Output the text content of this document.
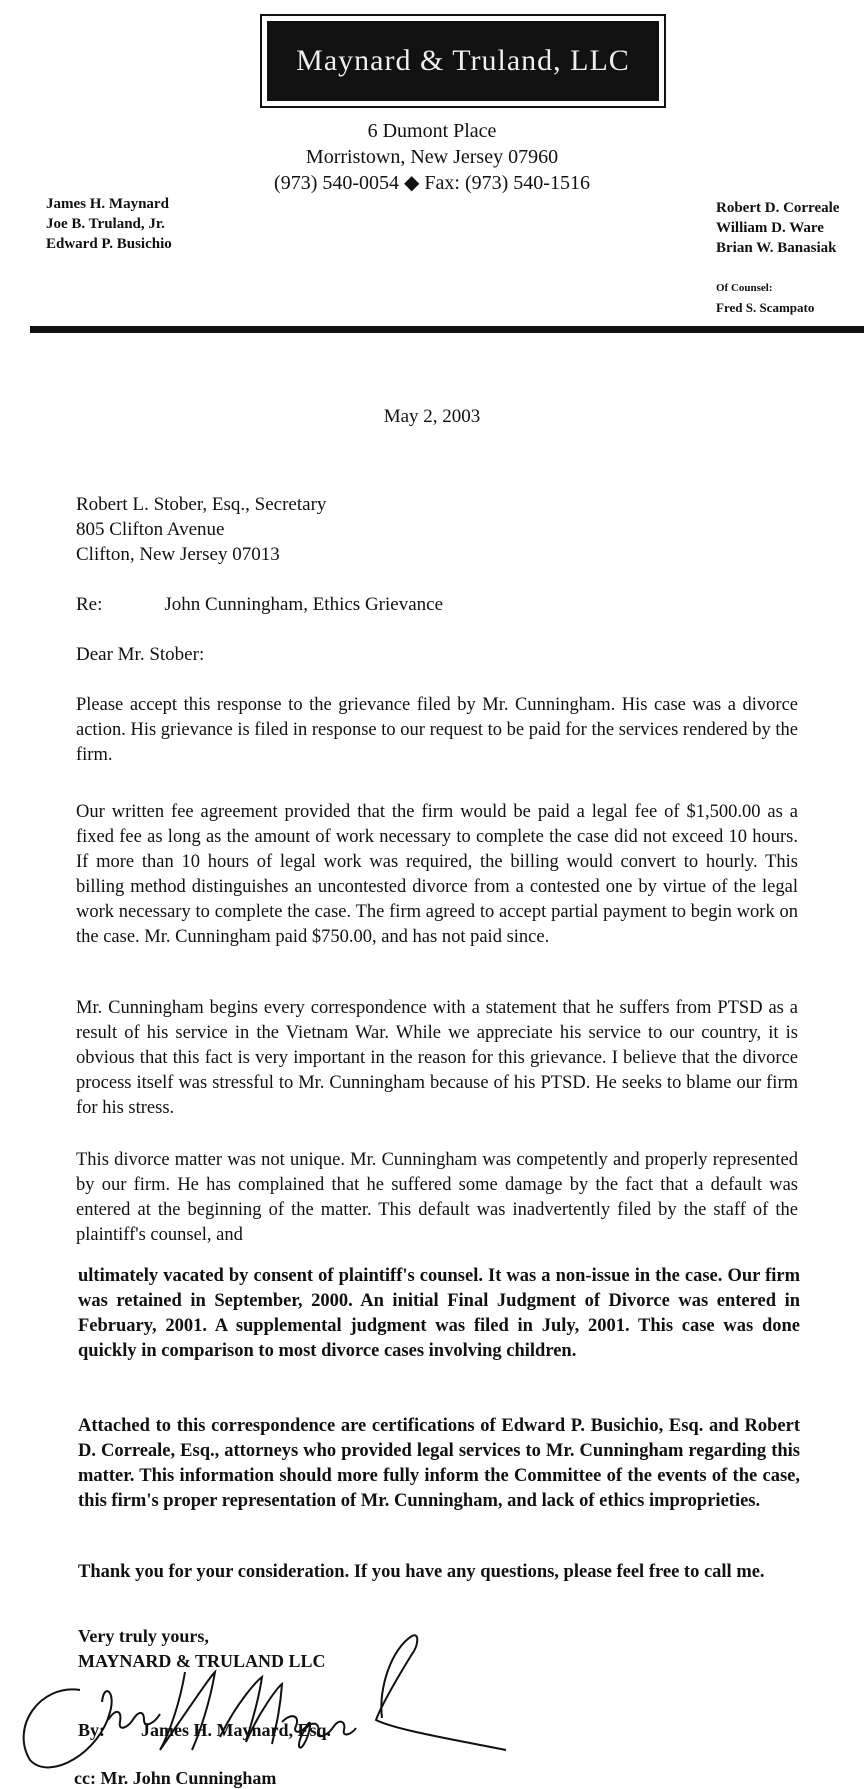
Maynard & Truland, LLC
6 Dumont Place
Morristown, New Jersey 07960
(973) 540-0054 ◆ Fax: (973) 540-1516
James H. Maynard
Joe B. Truland, Jr.
Edward P. Busichio
Robert D. Correale
William D. Ware
Brian W. Banasiak
Of Counsel:
Fred S. Scampato
May 2, 2003
Robert L. Stober, Esq., Secretary
805 Clifton Avenue
Clifton, New Jersey 07013
Re:	John Cunningham, Ethics Grievance
Dear Mr. Stober:
Please accept this response to the grievance filed by Mr. Cunningham. His case was a divorce action. His grievance is filed in response to our request to be paid for the services rendered by the firm.
Our written fee agreement provided that the firm would be paid a legal fee of $1,500.00 as a fixed fee as long as the amount of work necessary to complete the case did not exceed 10 hours. If more than 10 hours of legal work was required, the billing would convert to hourly. This billing method distinguishes an uncontested divorce from a contested one by virtue of the legal work necessary to complete the case. The firm agreed to accept partial payment to begin work on the case. Mr. Cunningham paid $750.00, and has not paid since.
Mr. Cunningham begins every correspondence with a statement that he suffers from PTSD as a result of his service in the Vietnam War. While we appreciate his service to our country, it is obvious that this fact is very important in the reason for this grievance. I believe that the divorce process itself was stressful to Mr. Cunningham because of his PTSD. He seeks to blame our firm for his stress.
This divorce matter was not unique. Mr. Cunningham was competently and properly represented by our firm. He has complained that he suffered some damage by the fact that a default was entered at the beginning of the matter. This default was inadvertently filed by the staff of the plaintiff's counsel, and
ultimately vacated by consent of plaintiff's counsel. It was a non-issue in the case. Our firm was retained in September, 2000. An initial Final Judgment of Divorce was entered in February, 2001. A supplemental judgment was filed in July, 2001. This case was done quickly in comparison to most divorce cases involving children.
Attached to this correspondence are certifications of Edward P. Busichio, Esq. and Robert D. Correale, Esq., attorneys who provided legal services to Mr. Cunningham regarding this matter. This information should more fully inform the Committee of the events of the case, this firm's proper representation of Mr. Cunningham, and lack of ethics improprieties.
Thank you for your consideration. If you have any questions, please feel free to call me.
Very truly yours,
MAYNARD & TRULAND LLC
By: James H. Maynard, Esq.
cc: Mr. John Cunningham
